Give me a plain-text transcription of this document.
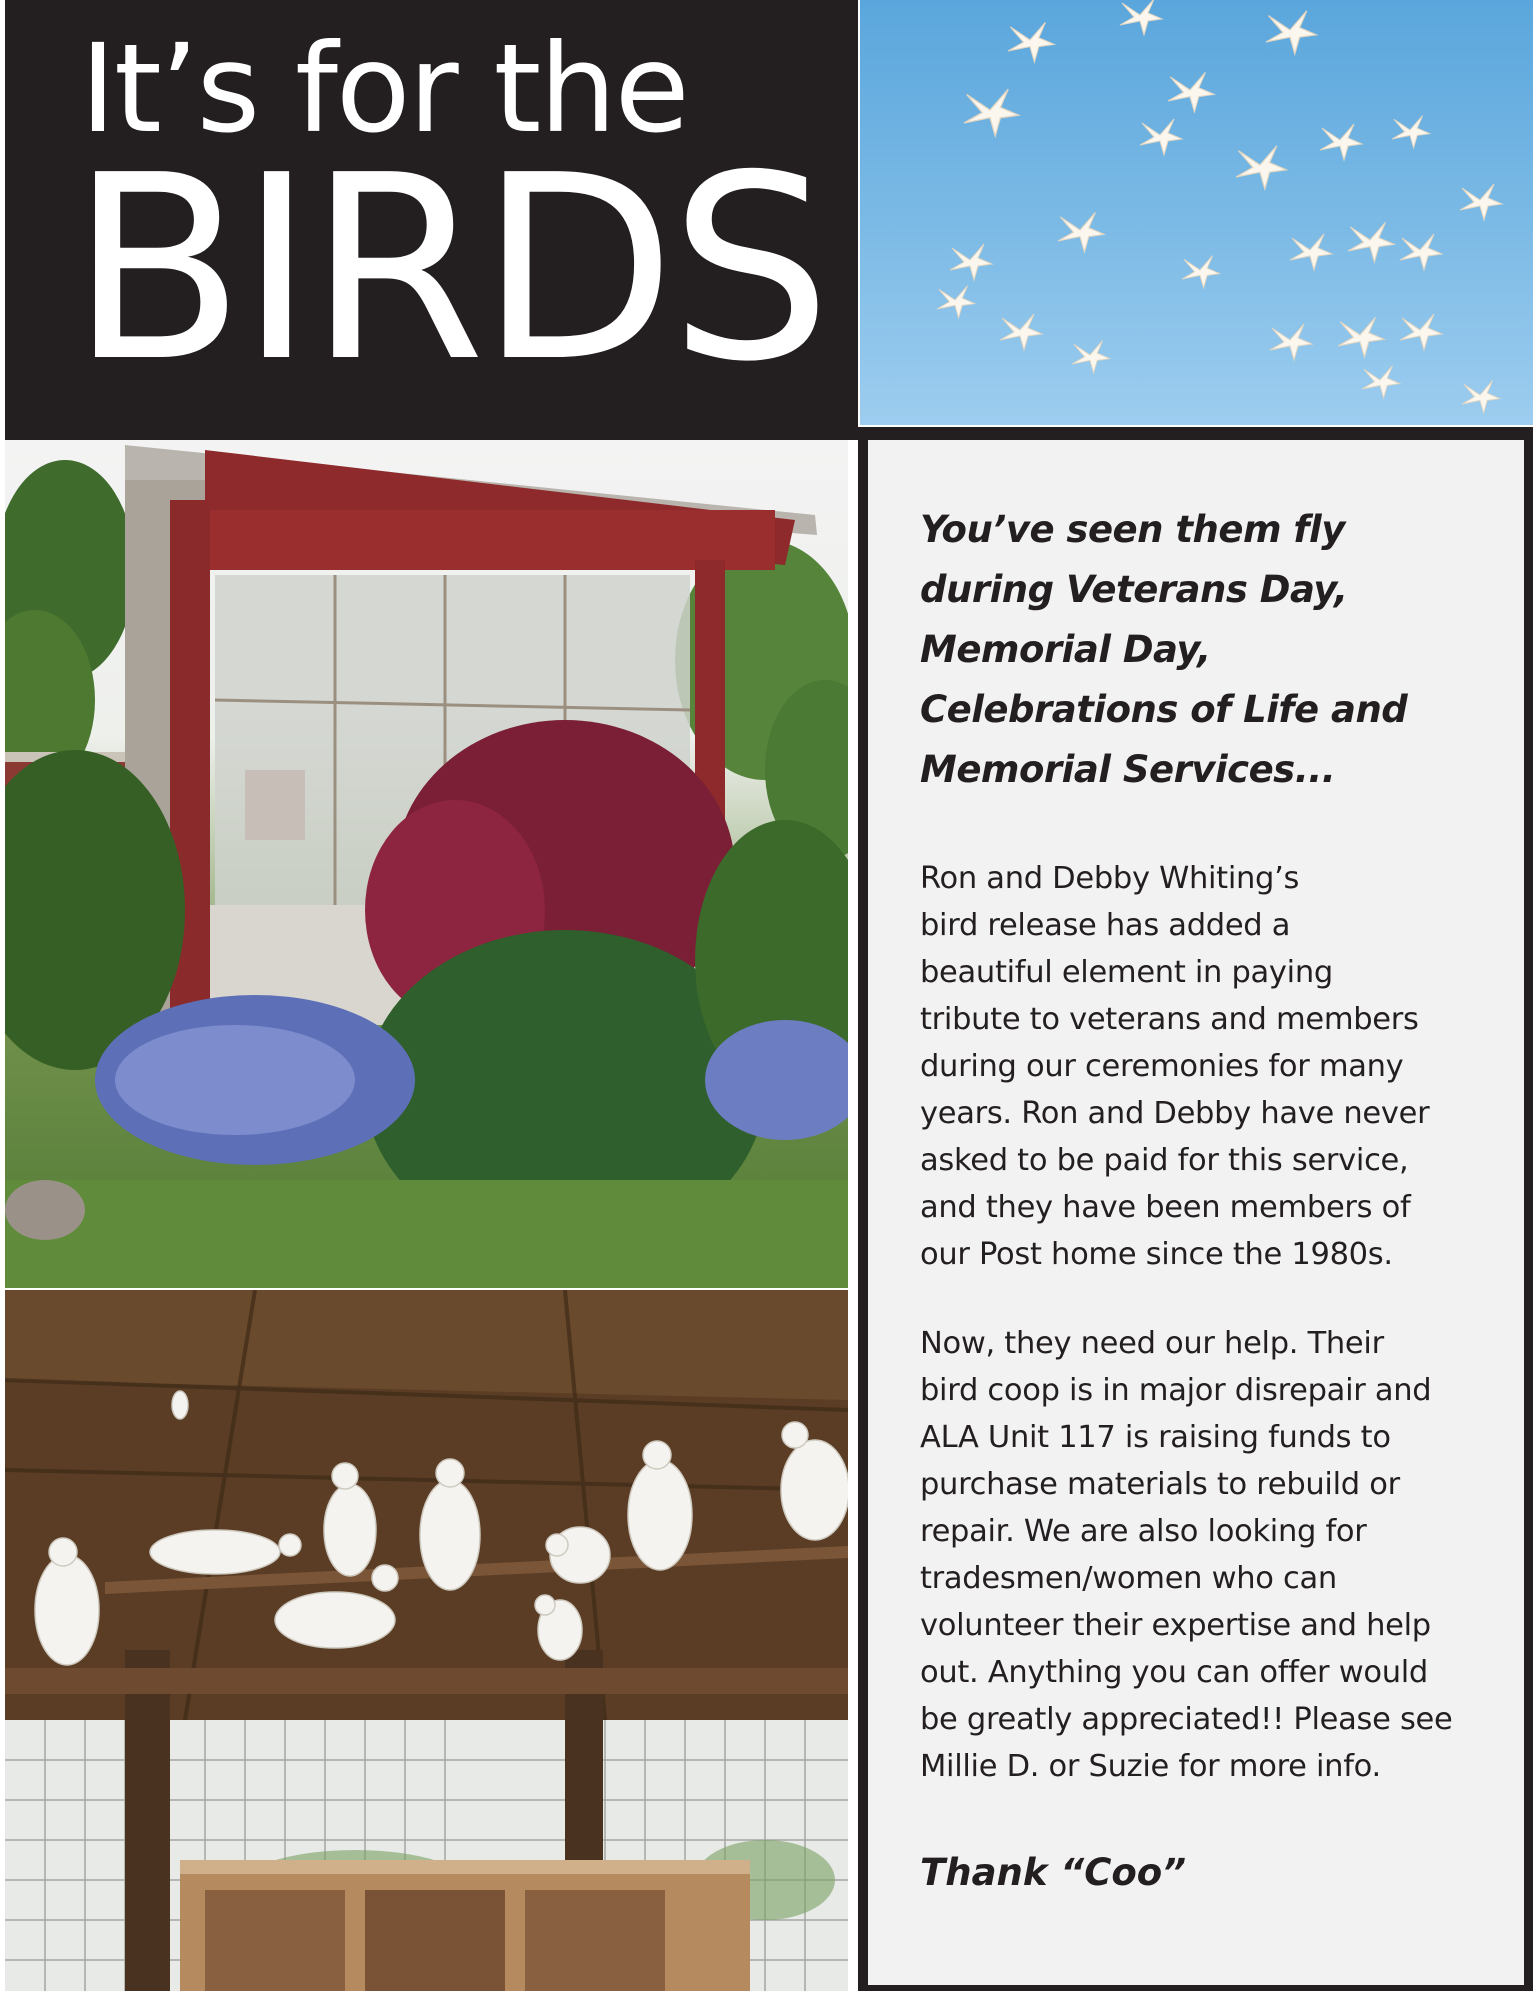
It’s for the
BIRDS

You’ve seen them fly
during Veterans Day,
Memorial Day,
Celebrations of Life and
Memorial Services...

Ron and Debby Whiting’s
bird release has added a
beautiful element in paying
tribute to veterans and members
during our ceremonies for many
years. Ron and Debby have never
asked to be paid for this service,
and they have been members of
our Post home since the 1980s.

Now, they need our help. Their
bird coop is in major disrepair and
ALA Unit 117 is raising funds to
purchase materials to rebuild or
repair. We are also looking for
tradesmen/women who can
volunteer their expertise and help
out. Anything you can offer would
be greatly appreciated!! Please see
Millie D. or Suzie for more info.

Thank “Coo”
